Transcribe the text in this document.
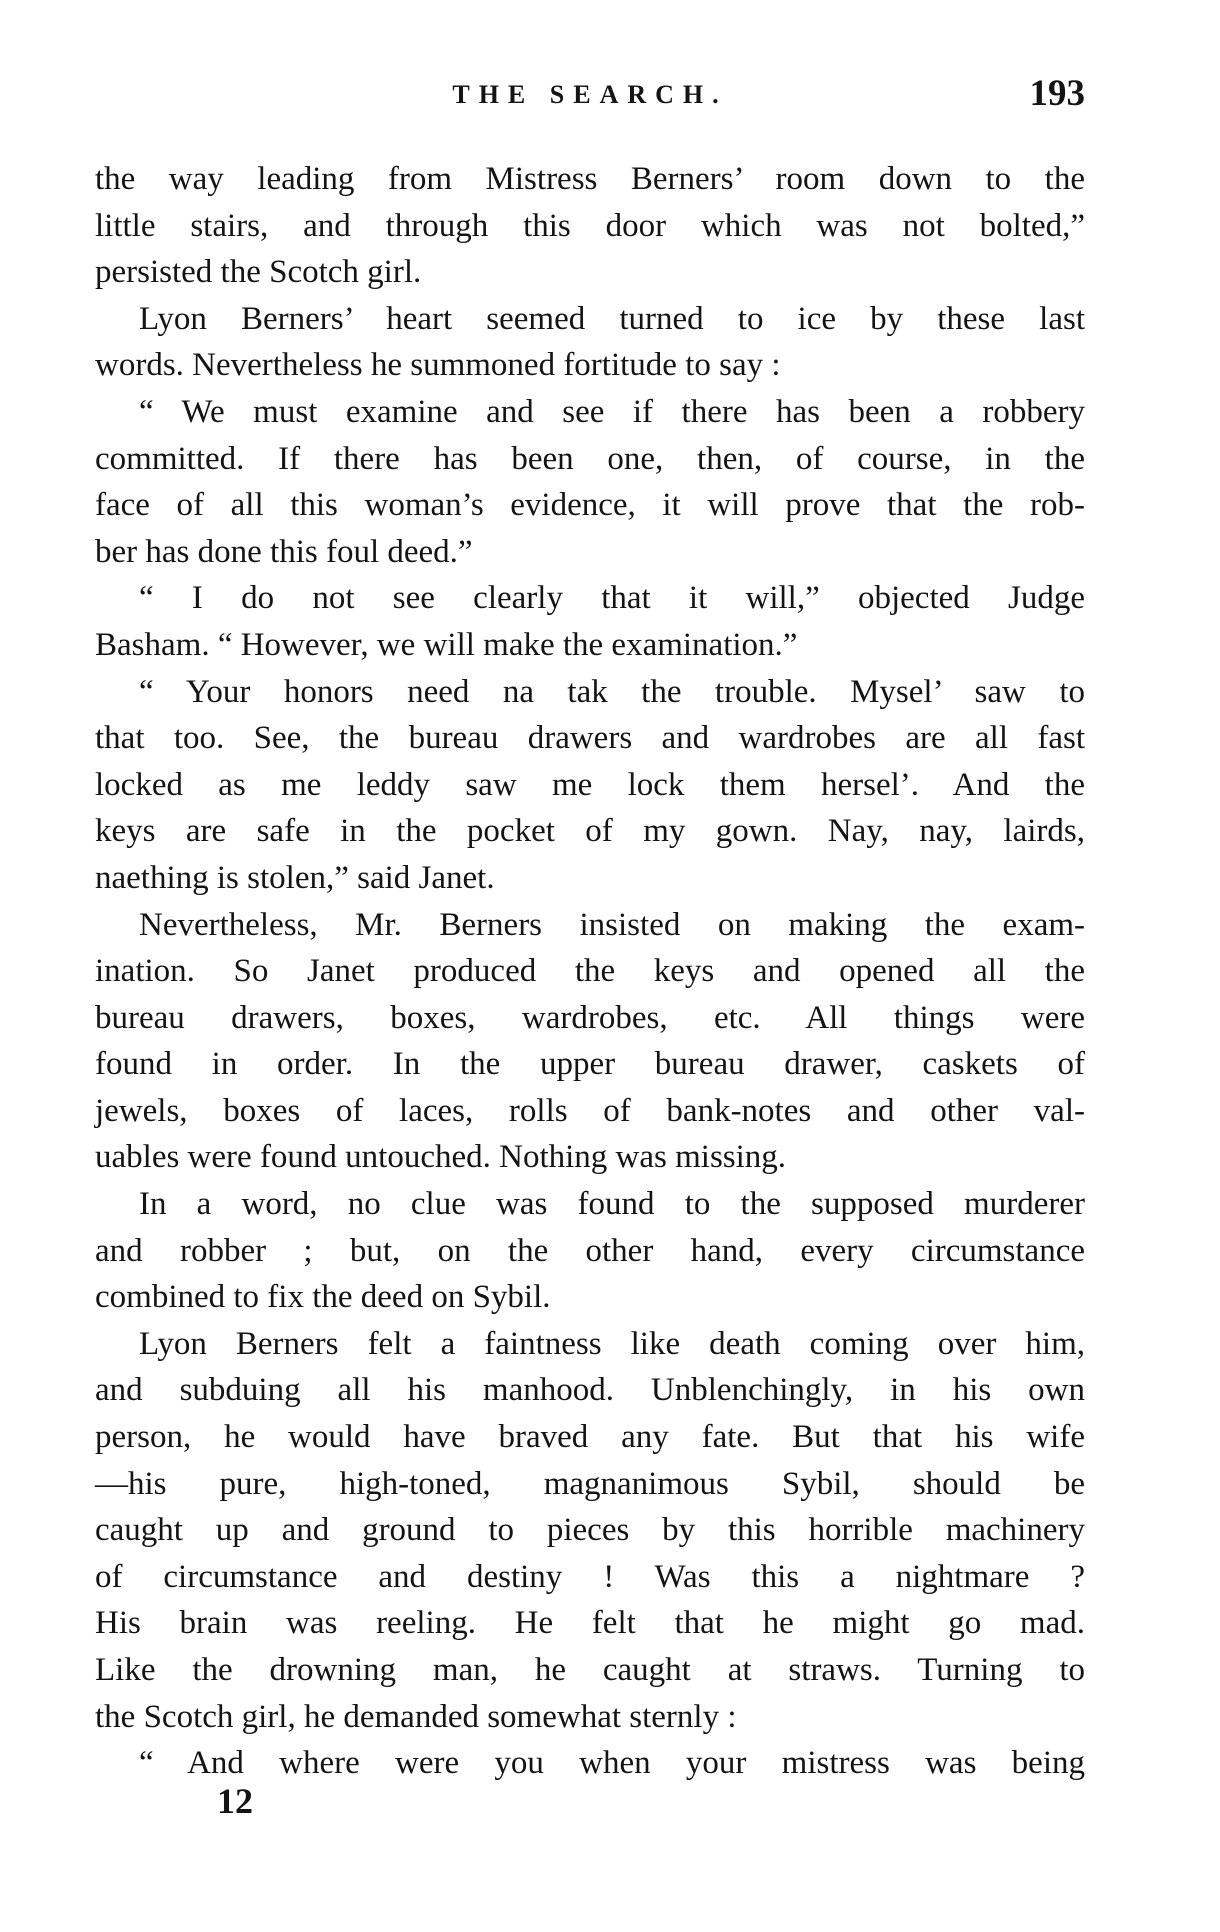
THE SEARCH.	193
the way leading from Mistress Berners’ room down to the
little stairs, and through this door which was not bolted,”
persisted the Scotch girl.
Lyon Berners’ heart seemed turned to ice by these last
words. Nevertheless he summoned fortitude to say :
“ We must examine and see if there has been a robbery
committed. If there has been one, then, of course, in the
face of all this woman’s evidence, it will prove that the rob-
ber has done this foul deed.”
“ I do not see clearly that it will,” objected Judge
Basham. “ However, we will make the examination.”
“ Your honors need na tak the trouble. Mysel’ saw to
that too. See, the bureau drawers and wardrobes are all fast
locked as me leddy saw me lock them hersel’. And the
keys are safe in the pocket of my gown. Nay, nay, lairds,
naething is stolen,” said Janet.
Nevertheless, Mr. Berners insisted on making the exam-
ination. So Janet produced the keys and opened all the
bureau drawers, boxes, wardrobes, etc. All things were
found in order. In the upper bureau drawer, caskets of
jewels, boxes of laces, rolls of bank-notes and other val-
uables were found untouched. Nothing was missing.
In a word, no clue was found to the supposed murderer
and robber ; but, on the other hand, every circumstance
combined to fix the deed on Sybil.
Lyon Berners felt a faintness like death coming over him,
and subduing all his manhood. Unblenchingly, in his own
person, he would have braved any fate. But that his wife
—his pure, high-toned, magnanimous Sybil, should be
caught up and ground to pieces by this horrible machinery
of circumstance and destiny ! Was this a nightmare ?
His brain was reeling. He felt that he might go mad.
Like the drowning man, he caught at straws. Turning to
the Scotch girl, he demanded somewhat sternly :
“ And where were you when your mistress was being
12
